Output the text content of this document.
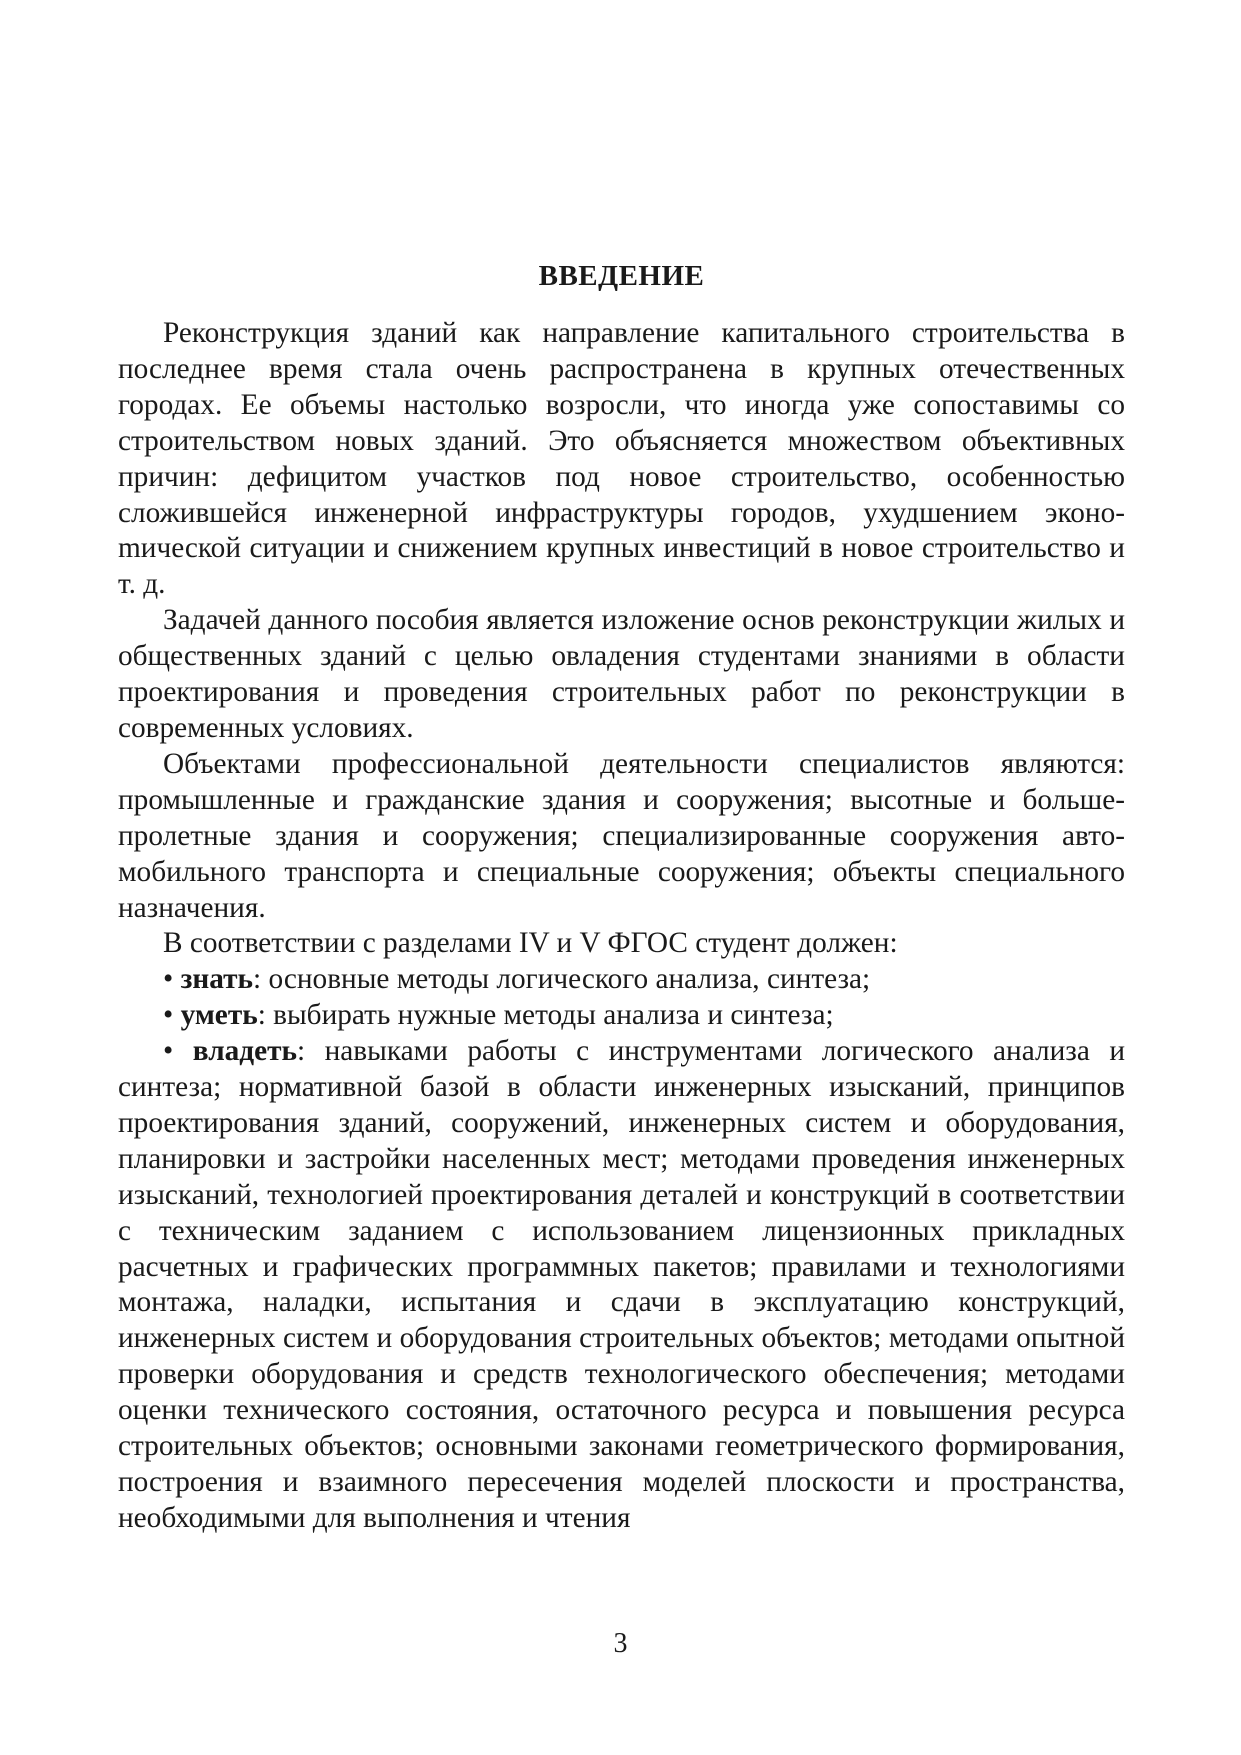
ВВЕДЕНИЕ

Реконструкция зданий как направление капитального строительства в последнее время стала очень распространена в крупных отечественных городах. Ее объемы настолько возросли, что иногда уже сопоставимы со строительством новых зданий. Это объясняется множеством объективных причин: дефицитом участков под новое строительство, особенностью сложившейся инженерной инфраструктуры городов, ухудшением эконоmической ситуации и снижением крупных инвестиций в новое строительство и т. д.

Задачей данного пособия является изложение основ реконструкции жилых и общественных зданий с целью овладения студентами знаниями в области проектирования и проведения строительных работ по реконструкции в современных условиях.

Объектами профессиональной деятельности специалистов являются: промышленные и гражданские здания и сооружения; высотные и большепролетные здания и сооружения; специализированные сооружения автомобильного транспорта и специальные сооружения; объекты специального назначения.

В соответствии с разделами IV и V ФГОС студент должен:

• знать: основные методы логического анализа, синтеза;

• уметь: выбирать нужные методы анализа и синтеза;

• владеть: навыками работы с инструментами логического анализа и синтеза; нормативной базой в области инженерных изысканий, принципов проектирования зданий, сооружений, инженерных систем и оборудования, планировки и застройки населенных мест; методами проведения инженерных изысканий, технологией проектирования деталей и конструкций в соответствии с техническим заданием с использованием лицензионных прикладных расчетных и графических программных пакетов; правилами и технологиями монтажа, наладки, испытания и сдачи в эксплуатацию конструкций, инженерных систем и оборудования строительных объектов; методами опытной проверки оборудования и средств технологического обеспечения; методами оценки технического состояния, остаточного ресурса и повышения ресурса строительных объектов; основными законами геометрического формирования, построения и взаимного пересечения моделей плоскости и пространства, необходимыми для выполнения и чтения

3
